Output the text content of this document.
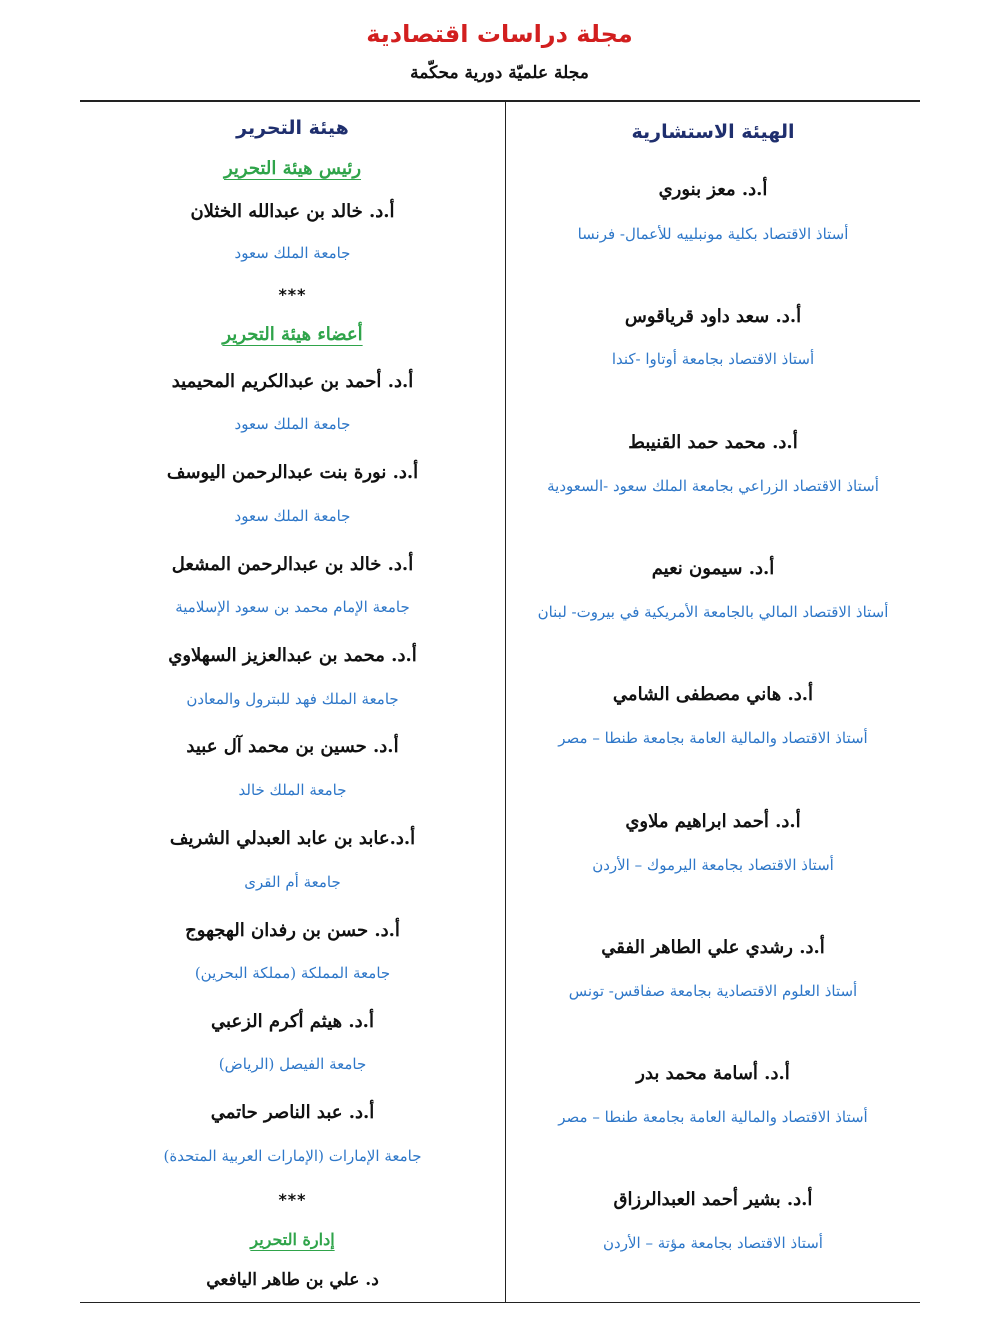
مجلة دراسات اقتصادية
مجلة علميّة دورية محكّمة
الهيئة الاستشارية
أ.د. معز بنوري
أستاذ الاقتصاد بكلية مونبلييه للأعمال- فرنسا
أ.د. سعد داود قرياقوس
أستاذ الاقتصاد بجامعة أوتاوا -كندا
أ.د. محمد حمد القنيبط
أستاذ الاقتصاد الزراعي بجامعة الملك سعود -السعودية
أ.د. سيمون نعيم
أستاذ الاقتصاد المالي بالجامعة الأمريكية في بيروت- لبنان
أ.د. هاني مصطفى الشامي
أستاذ الاقتصاد والمالية العامة بجامعة طنطا – مصر
أ.د. أحمد ابراهيم ملاوي
أستاذ الاقتصاد بجامعة اليرموك – الأردن
أ.د. رشدي علي الطاهر الفقي
أستاذ العلوم الاقتصادية بجامعة صفاقس- تونس
أ.د. أسامة محمد بدر
أستاذ الاقتصاد والمالية العامة بجامعة طنطا – مصر
أ.د. بشير أحمد العبدالرزاق
أستاذ الاقتصاد بجامعة مؤتة – الأردن
هيئة التحرير
رئيس هيئة التحرير
أ.د. خالد بن عبدالله الخثلان
جامعة الملك سعود
***
أعضاء هيئة التحرير
أ.د. أحمد بن عبدالكريم المحيميد
جامعة الملك سعود
أ.د. نورة بنت عبدالرحمن اليوسف
جامعة الملك سعود
أ.د. خالد بن عبدالرحمن المشعل
جامعة الإمام محمد بن سعود الإسلامية
أ.د. محمد بن عبدالعزيز السهلاوي
جامعة الملك فهد للبترول والمعادن
أ.د. حسين بن محمد آل عبيد
جامعة الملك خالد
أ.د.عابد بن عابد العبدلي الشريف
جامعة أم القرى
أ.د. حسن بن رفدان الهجهوج
جامعة المملكة (مملكة البحرين)
أ.د. هيثم أكرم الزعبي
جامعة الفيصل (الرياض)
أ.د. عبد الناصر حاتمي
جامعة الإمارات (الإمارات العربية المتحدة)
***
إدارة التحرير
د. علي بن طاهر اليافعي
